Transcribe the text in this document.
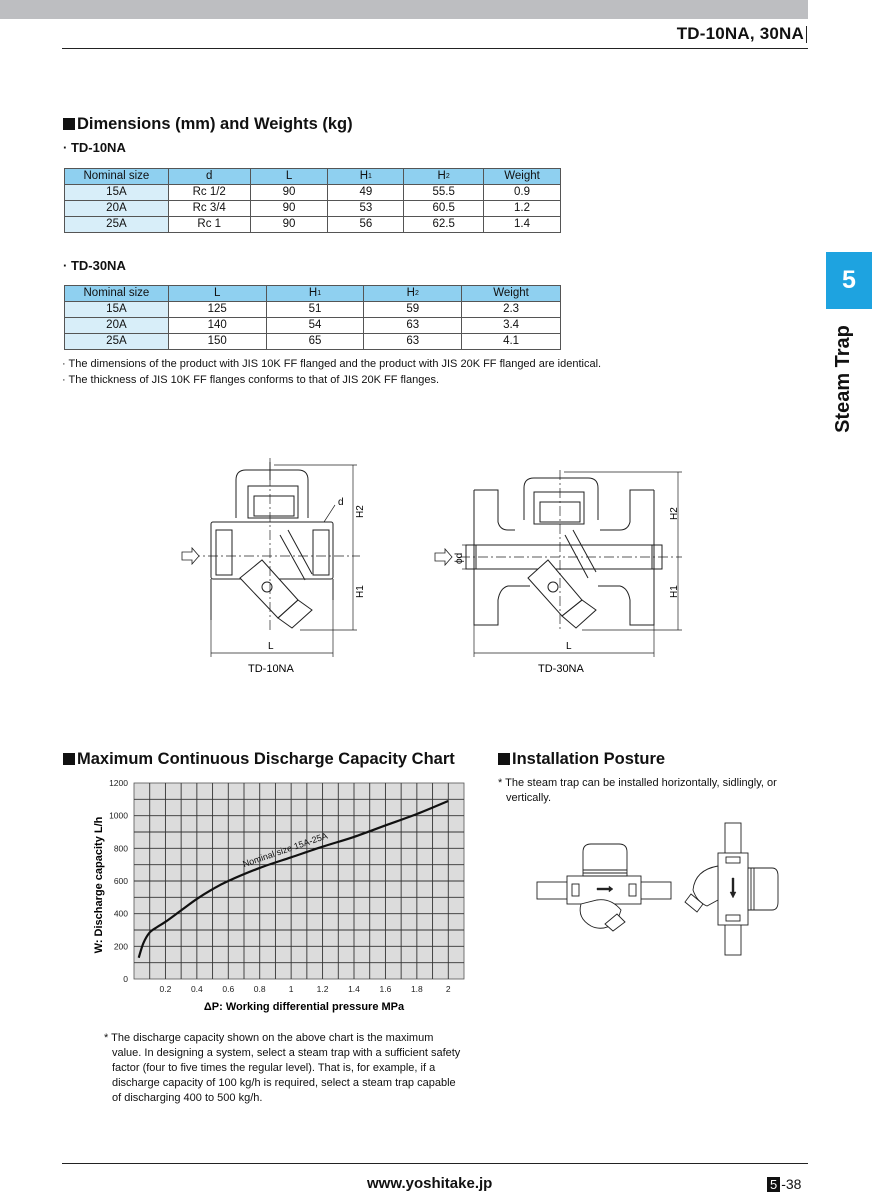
TD-10NA, 30NA
5
Steam Trap
Dimensions (mm) and Weights (kg)
· TD-10NA
Nominal size	d	L	$H_1$	$H_2$	Weight
15A	Rc 1/2	90	49	55.5	0.9
20A	Rc 3/4	90	53	60.5	1.2
25A	Rc 1	90	56	62.5	1.4
· TD-30NA
Nominal size	L	$H_1$	$H_2$	Weight
15A	125	51	59	2.3
20A	140	54	63	3.4
25A	150	65	63	4.1
· The dimensions of the product with JIS 10K FF flanged and the product with JIS 20K FF flanged are identical.
· The thickness of JIS 10K FF flanges conforms to that of JIS 20K FF flanges.
d
H2
H1
L
TD-10NA
ϕd
H2
H1
L
TD-30NA
Maximum Continuous Discharge Capacity Chart
0
200
400
600
800
1000
1200
0.2 0.4 0.6 0.8	1	1.2 1.4 1.6 1.8	2
Nominal size 15A-25A
ΔP: Working differential pressure MPa
W: Discharge capacity L/h
* The discharge capacity shown on the above chart is the maximum value. In designing a system, select a steam trap with a sufficient safety factor (four to five times the regular level). That is, for example, if a discharge capacity of 100 kg/h is required, select a steam trap capable of discharging 400 to 500 kg/h.
Installation Posture
* The steam trap can be installed horizontally, sidlingly, or vertically.
www.yoshitake.jp	5 -38
